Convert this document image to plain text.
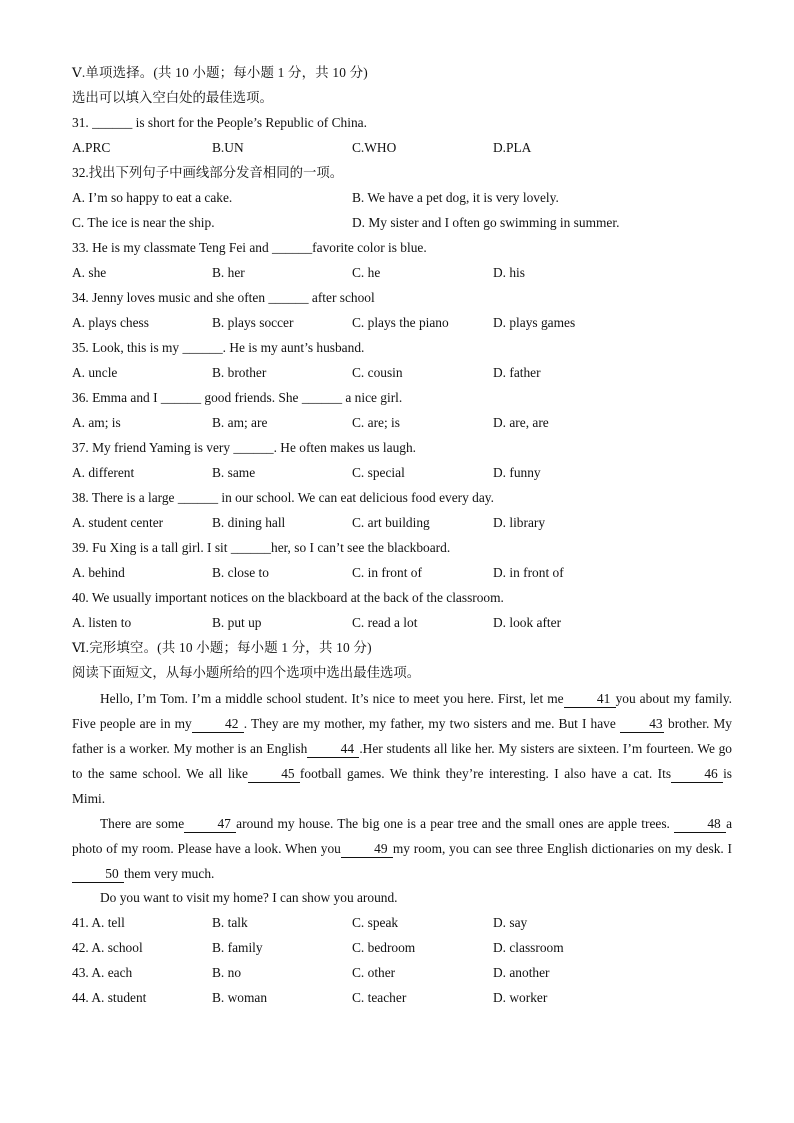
Ⅴ.单项选择。(共 10 小题；每小题 1 分，共 10 分)
选出可以填入空白处的最佳选项。
31. ______ is short for the People’s Republic of China.
A.PRC	B.UN	C.WHO	D.PLA
32.找出下列句子中画线部分发音相同的一项。
A. I’m so happy to eat a cake.	B. We have a pet dog, it is very lovely.
C. The ice is near the ship.	D. My sister and I often go swimming in summer.
33. He is my classmate Teng Fei and ______favorite color is blue.
A. she	B. her	C. he	D. his
34. Jenny loves music and she often ______ after school
A. plays chess	B. plays soccer	C. plays the piano	D. plays games
35. Look, this is my ______. He is my aunt’s husband.
A. uncle	B. brother	C. cousin	D. father
36. Emma and I ______ good friends. She ______ a nice girl.
A. am; is	B. am; are	C. are; is	D. are, are
37. My friend Yaming is very ______. He often makes us laugh.
A. different	B. same	C. special	D. funny
38. There is a large ______ in our school. We can eat delicious food every day.
A. student center	B. dining hall	C. art building	D. library
39. Fu Xing is a tall girl. I sit ______her, so I can’t see the blackboard.
A. behind	B. close to	C. in front of	D. in front of
40. We usually important notices on the blackboard at the back of the classroom.
A. listen to	B. put up	C. read a lot	D. look after
Ⅵ.完形填空。(共 10 小题；每小题 1 分，共 10 分)
阅读下面短文，从每小题所给的四个选项中选出最佳选项。
Hello, I’m Tom. I’m a middle school student. It’s nice to meet you here. First, let me 41 you about my family. Five people are in my 42 . They are my mother, my father, my two sisters and me. But I have 43 brother. My father is a worker. My mother is an English 44 .Her students all like her. My sisters are sixteen. I’m fourteen. We go to the same school. We all like 45 football games. We think they’re interesting. I also have a cat. Its 46 is Mimi.
There are some 47 around my house. The big one is a pear tree and the small ones are apple trees. 48 a photo of my room. Please have a look. When you 49 my room, you can see three English dictionaries on my desk. I50 them very much.
Do you want to visit my home? I can show you around.
41. A. tell	B. talk	C. speak	D. say
42. A. school	B. family	C. bedroom	D. classroom
43. A. each	B. no	C. other	D. another
44. A. student	B. woman	C. teacher	D. worker
